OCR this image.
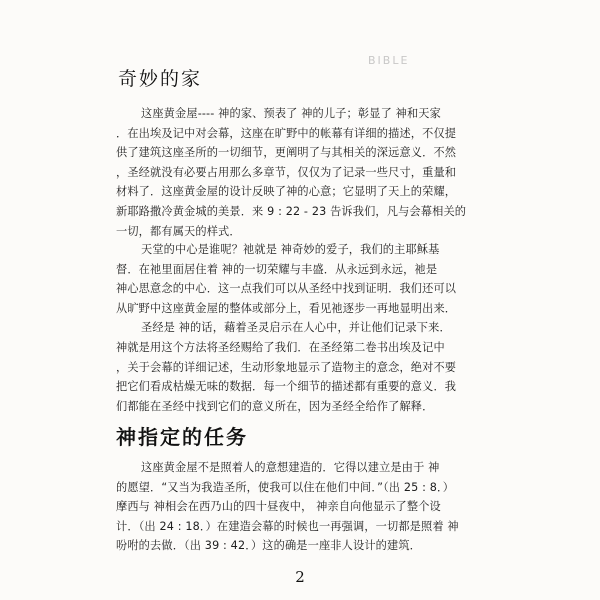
BIBLE
奇妙的家
这座黄金屋---- 神的家、预表了 神的儿子；彰显了 神和天家
．在出埃及记中对会幕，这座在旷野中的帐幕有详细的描述，不仅提
供了建筑这座圣所的一切细节，更阐明了与其相关的深远意义．不然
，圣经就没有必要占用那么多章节，仅仅为了记录一些尺寸，重量和
材料了．这座黄金屋的设计反映了神的心意；它显明了天上的荣耀，
新耶路撒冷黄金城的美景．来 9 : 22 - 23 告诉我们，凡与会幕相关的
一切，都有属天的样式．
天堂的中心是谁呢？祂就是 神奇妙的爱子，我们的主耶稣基
督．在祂里面居住着 神的一切荣耀与丰盛．从永远到永远，祂是
神心思意念的中心．这一点我们可以从圣经中找到证明．我们还可以
从旷野中这座黄金屋的整体或部分上，看见祂逐步一再地显明出来．
圣经是 神的话，藉着圣灵启示在人心中，并让他们记录下来．
神就是用这个方法将圣经赐给了我们．在圣经第二卷书出埃及记中
，关于会幕的详细记述，生动形象地显示了造物主的意念，绝对不要
把它们看成枯燥无味的数据．每一个细节的描述都有重要的意义．我
们都能在圣经中找到它们的意义所在，因为圣经全给作了解释．
神指定的任务
这座黄金屋不是照着人的意想建造的．它得以建立是由于 神
的愿望．“又当为我造圣所，使我可以住在他们中间．”（出 25 : 8．）
摩西与 神相会在西乃山的四十昼夜中， 神亲自向他显示了整个设
计．（出 24 : 18．）在建造会幕的时候也一再强调，一切都是照着 神
吩咐的去做．（出 39 : 42．）这的确是一座非人设计的建筑．
2
